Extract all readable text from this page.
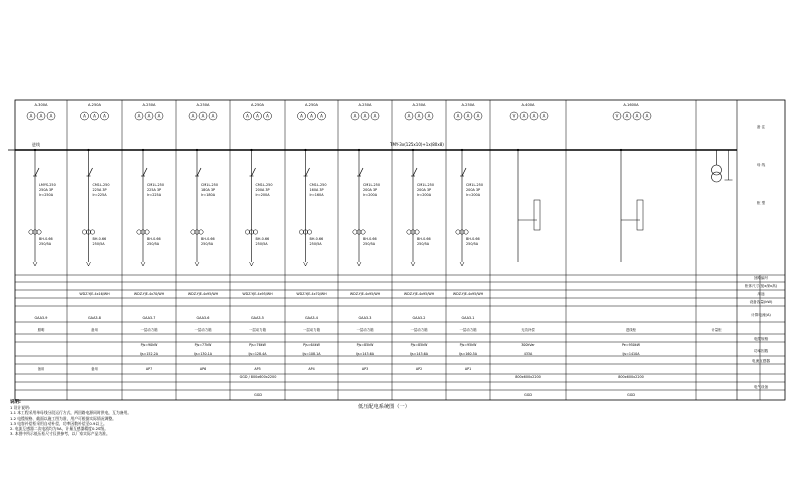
TMY-3x(125x10)+1x(80x8)
进线
A-300A
A A A
LMYS-250
250A 3P
Ir=250A
BH-0.66
250/5A
A-250A
A A A
CM1L-250
225A 3P
Ir=225A
BH-0.66
250/5A
A-250A
A A A
CM1L-250
225A 3P
Ir=225A
BH-0.66
250/5A
A-250A
A A A
CM1L-250
180A 3P
Ir=180A
BH-0.66
250/5A
A-250A
A A A
CM1L-250
200A 3P
Ir=200A
BH-0.66
250/5A
A-250A
A A A
CM1L-250
160A 3P
Ir=160A
BH-0.66
250/5A
A-250A
A A A
CM1L-250
200A 3P
Ir=200A
BH-0.66
250/5A
A-250A
A A A
CM1L-250
200A 3P
Ir=200A
BH-0.66
250/5A
A-250A
A A A
CM1L-250
200A 3P
Ir=200A
BH-0.66
250/5A
A-400A
V A A A
A-1600A
V A A A
GAA3-9
照明
备用
WDZ-YJE-4x16/WH
GAA3-8
备用
备用
WDZ-YJE-4x70/WH
GAA3-7
一层动力箱
Pjs=90kW
Ijs=152.2A
AP7
WDZ-YJE-4x95/WH
GAA3-6
一层动力箱
Pjs=77kW
Ijs=130.1A
AP6
WDZ-YJE-4x95/WH
GAA3-5
一层动力箱
Pjs=76kW
Ijs=128.4A
AP5
WDZ-YJE-4x70/WH
GAA3-4
一层动力箱
Pjs=64kW
Ijs=108.1A
AP4
WDZ-YJE-4x95/WH
GAA3-3
一层动力箱
Pjs=85kW
Ijs=143.6A
AP3
WDZ-YJE-4x95/WH
GAA3-2
一层动力箱
Pjs=85kW
Ijs=143.6A
AP2
WDZ-YJE-4x95/WH
GAA3-1
一层动力箱
Pjs=95kW
Ijs=160.5A
AP1
无功补偿
300kVar
433A
进线柜
Pe=950kW
Ijs=1410A
计量柜
GGD / 800x600x2200
GGD
800x600x2200
GGD
800x600x2200
GGD
备 注
母 线
柜 型
回路编号
柜体尺寸(宽x深x高)
用途
设备容量(kW)
计算电流(A)
电缆规格
功率因数
电流互感器
电气设备
说明:
1 设计说明:
1.1 本工程采用单母线分段运行方式，两回路电源同时供电，互为备用。
1.2 电缆规格、截面以施工图为准，用户可根据实际情况调整。
1.3 电容补偿柜采用自动补偿，功率因数补偿至0.9以上。
2. 电流互感器二次电流均为5A，计量互感器精度0.2S级。
3. 本图中所示低压柜尺寸仅供参考，以厂家实际产品为准。
低压配电系统图（一）
